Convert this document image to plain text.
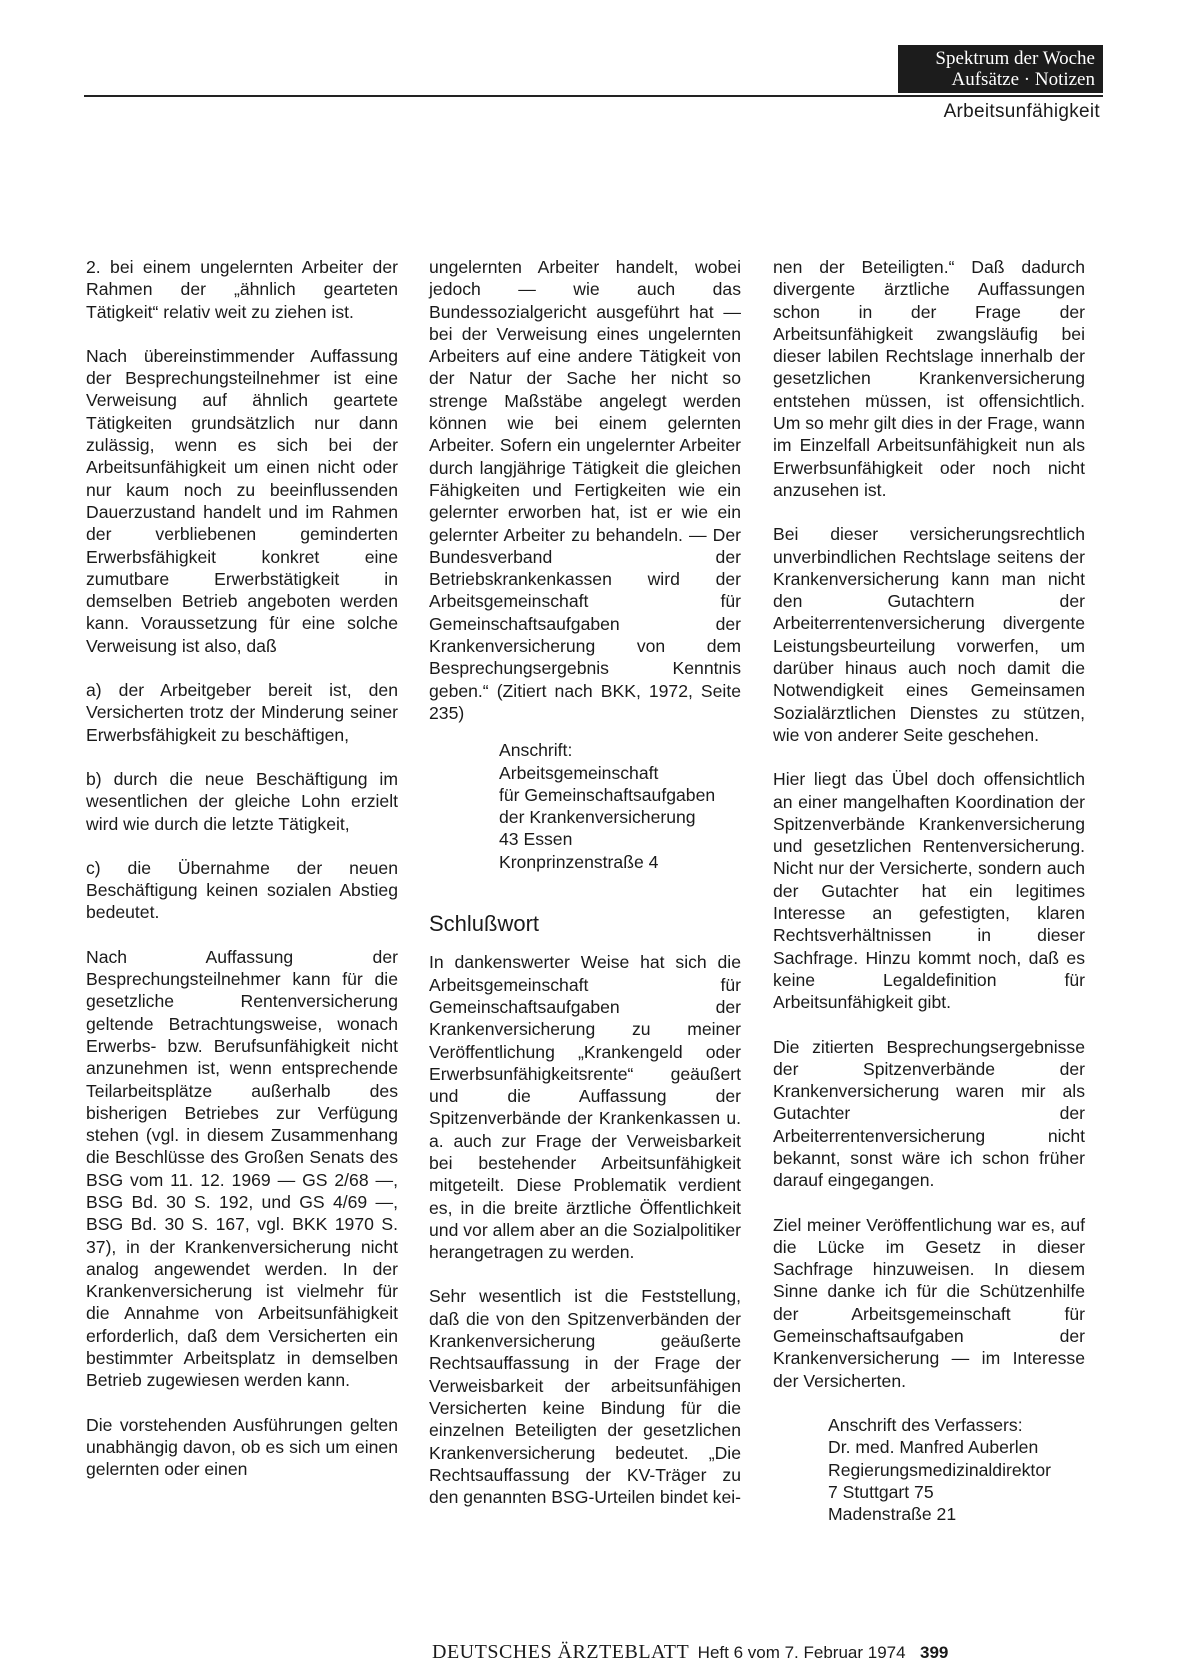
Spektrum der Woche
Aufsätze · Notizen
Arbeitsunfähigkeit

2. bei einem ungelernten Arbeiter der Rahmen der „ähnlich gearteten Tätigkeit“ relativ weit zu ziehen ist.

Nach übereinstimmender Auffassung der Besprechungsteilnehmer ist eine Verweisung auf ähnlich geartete Tätigkeiten grundsätzlich nur dann zulässig, wenn es sich bei der Arbeitsunfähigkeit um einen nicht oder nur kaum noch zu beeinflussenden Dauerzustand handelt und im Rahmen der verbliebenen geminderten Erwerbsfähigkeit konkret eine zumutbare Erwerbstätigkeit in demselben Betrieb angeboten werden kann. Voraussetzung für eine solche Verweisung ist also, daß

a) der Arbeitgeber bereit ist, den Versicherten trotz der Minderung seiner Erwerbsfähigkeit zu beschäftigen,

b) durch die neue Beschäftigung im wesentlichen der gleiche Lohn erzielt wird wie durch die letzte Tätigkeit,

c) die Übernahme der neuen Beschäftigung keinen sozialen Abstieg bedeutet.

Nach Auffassung der Besprechungsteilnehmer kann für die gesetzliche Rentenversicherung geltende Betrachtungsweise, wonach Erwerbs- bzw. Berufsunfähigkeit nicht anzunehmen ist, wenn entsprechende Teilarbeitsplätze außerhalb des bisherigen Betriebes zur Verfügung stehen (vgl. in diesem Zusammenhang die Beschlüsse des Großen Senats des BSG vom 11. 12. 1969 — GS 2/68 —, BSG Bd. 30 S. 192, und GS 4/69 —, BSG Bd. 30 S. 167, vgl. BKK 1970 S. 37), in der Krankenversicherung nicht analog angewendet werden. In der Krankenversicherung ist vielmehr für die Annahme von Arbeitsunfähigkeit erforderlich, daß dem Versicherten ein bestimmter Arbeitsplatz in demselben Betrieb zugewiesen werden kann.

Die vorstehenden Ausführungen gelten unabhängig davon, ob es sich um einen gelernten oder einen

ungelernten Arbeiter handelt, wobei jedoch — wie auch das Bundessozialgericht ausgeführt hat — bei der Verweisung eines ungelernten Arbeiters auf eine andere Tätigkeit von der Natur der Sache her nicht so strenge Maßstäbe angelegt werden können wie bei einem gelernten Arbeiter. Sofern ein ungelernter Arbeiter durch langjährige Tätigkeit die gleichen Fähigkeiten und Fertigkeiten wie ein gelernter erworben hat, ist er wie ein gelernter Arbeiter zu behandeln. — Der Bundesverband der Betriebskrankenkassen wird der Arbeitsgemeinschaft für Gemeinschaftsaufgaben der Krankenversicherung von dem Besprechungsergebnis Kenntnis geben.“ (Zitiert nach BKK, 1972, Seite 235)

Anschrift:
Arbeitsgemeinschaft
für Gemeinschaftsaufgaben
der Krankenversicherung
43 Essen
Kronprinzenstraße 4
Schlußwort

In dankenswerter Weise hat sich die Arbeitsgemeinschaft für Gemeinschaftsaufgaben der Krankenversicherung zu meiner Veröffentlichung „Krankengeld oder Erwerbsunfähigkeitsrente“ geäußert und die Auffassung der Spitzenverbände der Krankenkassen u. a. auch zur Frage der Verweisbarkeit bei bestehender Arbeitsunfähigkeit mitgeteilt. Diese Problematik verdient es, in die breite ärztliche Öffentlichkeit und vor allem aber an die Sozialpolitiker herangetragen zu werden.

Sehr wesentlich ist die Feststellung, daß die von den Spitzenverbänden der Krankenversicherung geäußerte Rechtsauffassung in der Frage der Verweisbarkeit der arbeitsunfähigen Versicherten keine Bindung für die einzelnen Beteiligten der gesetzlichen Krankenversicherung bedeutet. „Die Rechtsauffassung der KV-Träger zu den genannten BSG-Urteilen bindet kei-

nen der Beteiligten.“ Daß dadurch divergente ärztliche Auffassungen schon in der Frage der Arbeitsunfähigkeit zwangsläufig bei dieser labilen Rechtslage innerhalb der gesetzlichen Krankenversicherung entstehen müssen, ist offensichtlich. Um so mehr gilt dies in der Frage, wann im Einzelfall Arbeitsunfähigkeit nun als Erwerbsunfähigkeit oder noch nicht anzusehen ist.

Bei dieser versicherungsrechtlich unverbindlichen Rechtslage seitens der Krankenversicherung kann man nicht den Gutachtern der Arbeiterrentenversicherung divergente Leistungsbeurteilung vorwerfen, um darüber hinaus auch noch damit die Notwendigkeit eines Gemeinsamen Sozialärztlichen Dienstes zu stützen, wie von anderer Seite geschehen.

Hier liegt das Übel doch offensichtlich an einer mangelhaften Koordination der Spitzenverbände Krankenversicherung und gesetzlichen Rentenversicherung. Nicht nur der Versicherte, sondern auch der Gutachter hat ein legitimes Interesse an gefestigten, klaren Rechtsverhältnissen in dieser Sachfrage. Hinzu kommt noch, daß es keine Legaldefinition für Arbeitsunfähigkeit gibt.

Die zitierten Besprechungsergebnisse der Spitzenverbände der Krankenversicherung waren mir als Gutachter der Arbeiterrentenversicherung nicht bekannt, sonst wäre ich schon früher darauf eingegangen.

Ziel meiner Veröffentlichung war es, auf die Lücke im Gesetz in dieser Sachfrage hinzuweisen. In diesem Sinne danke ich für die Schützenhilfe der Arbeitsgemeinschaft für Gemeinschaftsaufgaben der Krankenversicherung — im Interesse der Versicherten.

Anschrift des Verfassers:
Dr. med. Manfred Auberlen
Regierungsmedizinaldirektor
7 Stuttgart 75
Madenstraße 21
DEUTSCHES ÄRZTEBLATT Heft 6 vom 7. Februar 1974 399
